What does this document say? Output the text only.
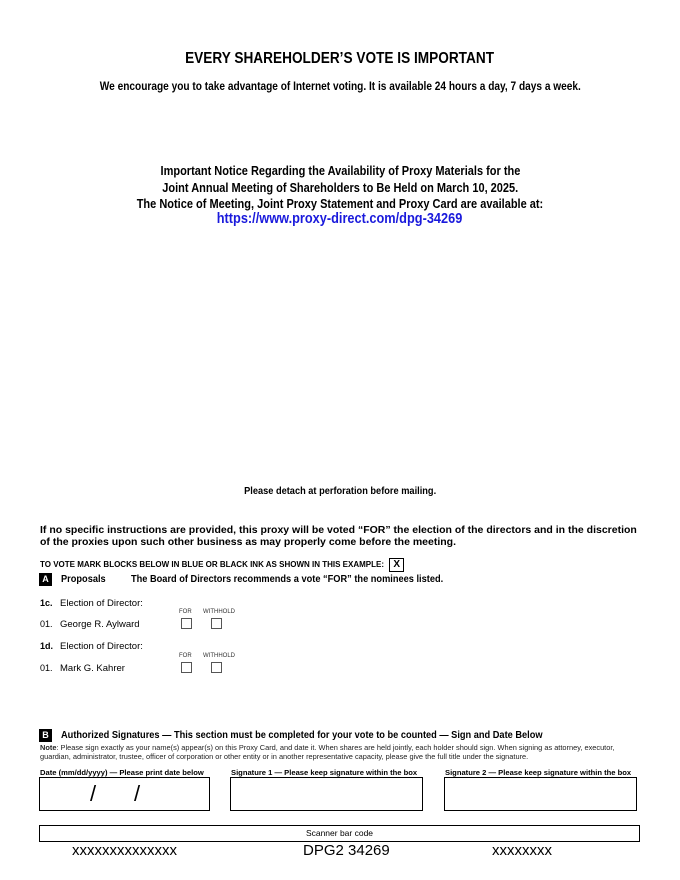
EVERY SHAREHOLDER’S VOTE IS IMPORTANT
We encourage you to take advantage of Internet voting. It is available 24 hours a day, 7 days a week.
Important Notice Regarding the Availability of Proxy Materials for the
Joint Annual Meeting of Shareholders to Be Held on March 10, 2025.
The Notice of Meeting, Joint Proxy Statement and Proxy Card are available at:
https://www.proxy-direct.com/dpg-34269
Please detach at perforation before mailing.
If no specific instructions are provided, this proxy will be voted “FOR” the election of the directors and in the discretion of the proxies upon such other business as may properly come before the meeting.
TO VOTE MARK BLOCKS BELOW IN BLUE OR BLACK INK AS SHOWN IN THIS EXAMPLE: X
A Proposals The Board of Directors recommends a vote “FOR” the nominees listed.
1c. Election of Director:
FOR WITHHOLD
01. George R. Aylward
1d. Election of Director:
FOR WITHHOLD
01. Mark G. Kahrer
B Authorized Signatures — This section must be completed for your vote to be counted — Sign and Date Below
Note: Please sign exactly as your name(s) appear(s) on this Proxy Card, and date it. When shares are held jointly, each holder should sign. When signing as attorney, executor, guardian, administrator, trustee, officer of corporation or other entity or in another representative capacity, please give the full title under the signature.
Date (mm/dd/yyyy) — Please print date below	Signature 1 — Please keep signature within the box	Signature 2 — Please keep signature within the box
/ /
Scanner bar code
xxxxxxxxxxxxxx	DPG2 34269	xxxxxxxx
